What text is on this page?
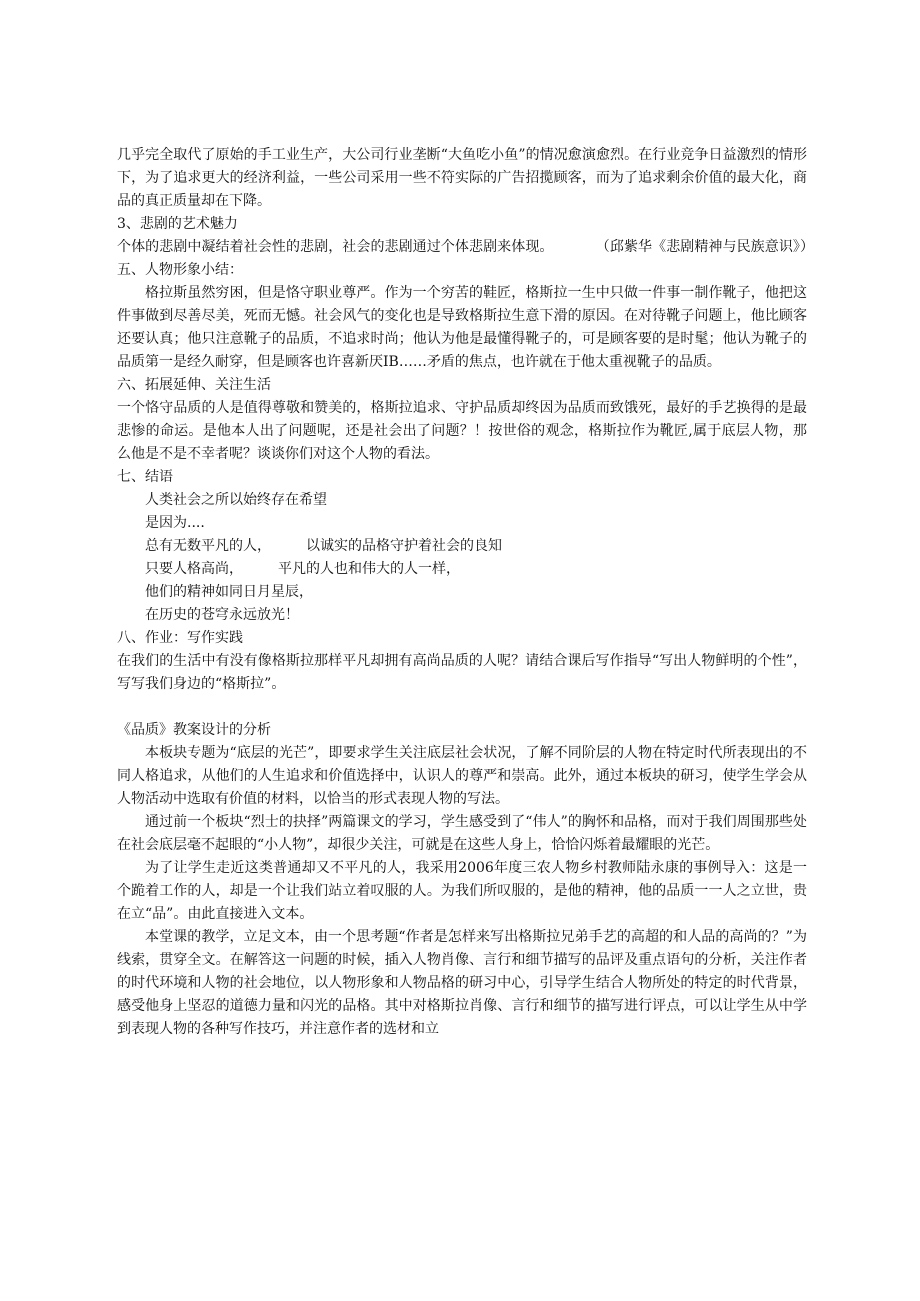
几乎完全取代了原始的手工业生产，大公司行业垄断“大鱼吃小鱼”的情况愈演愈烈。在行业竞争日益激烈的情形下，为了追求更大的经济利益，一些公司采用一些不符实际的广告招揽顾客，而为了追求剩余价值的最大化，商品的真正质量却在下降。

3、悲剧的艺术魅力

个体的悲剧中凝结着社会性的悲剧，社会的悲剧通过个体悲剧来体现。　　　　（邱紫华《悲剧精神与民族意识》）五、人物形象小结：

格拉斯虽然穷困，但是恪守职业尊严。作为一个穷苦的鞋匠，格斯拉一生中只做一件事一制作靴子，他把这件事做到尽善尽美，死而无憾。社会风气的变化也是导致格斯拉生意下滑的原因。在对待靴子问题上，他比顾客还要认真；他只注意靴子的品质，不追求时尚；他认为他是最懂得靴子的，可是顾客要的是时髦；他认为靴子的品质第一是经久耐穿，但是顾客也许喜新厌IB……矛盾的焦点，也许就在于他太重视靴子的品质。

六、拓展延伸、关注生活

一个恪守品质的人是值得尊敬和赞美的，格斯拉追求、守护品质却终因为品质而致饿死，最好的手艺换得的是最悲惨的命运。是他本人出了问题呢，还是社会出了问题？！按世俗的观念，格斯拉作为靴匠,属于底层人物，那么他是不是不幸者呢？谈谈你们对这个人物的看法。

七、结语

人类社会之所以始终存在希望

是因为....

总有无数平凡的人，　　　以诚实的品格守护着社会的良知

只要人格高尚，　　　平凡的人也和伟大的人一样，

他们的精神如同日月星辰，

在历史的苍穹永远放光！

八、作业：写作实践

在我们的生活中有没有像格斯拉那样平凡却拥有高尚品质的人呢？请结合课后写作指导“写出人物鲜明的个性”，写写我们身边的“格斯拉”。

《品质》教案设计的分析

本板块专题为“底层的光芒”，即要求学生关注底层社会状况，了解不同阶层的人物在特定时代所表现出的不同人格追求，从他们的人生追求和价值选择中，认识人的尊严和崇高。此外，通过本板块的研习，使学生学会从人物活动中选取有价值的材料，以恰当的形式表现人物的写法。

通过前一个板块“烈士的抉择”两篇课文的学习，学生感受到了“伟人”的胸怀和品格，而对于我们周围那些处在社会底层毫不起眼的“小人物”，却很少关注，可就是在这些人身上，恰恰闪烁着最耀眼的光芒。

为了让学生走近这类普通却又不平凡的人，我采用2006年度三农人物乡村教师陆永康的事例导入：这是一个跪着工作的人，却是一个让我们站立着叹服的人。为我们所叹服的，是他的精神，他的品质一一人之立世，贵在立“品”。由此直接进入文本。

本堂课的教学，立足文本，由一个思考题“作者是怎样来写出格斯拉兄弟手艺的高超的和人品的高尚的？”为线索，贯穿全文。在解答这一问题的时候，插入人物肖像、言行和细节描写的品评及重点语句的分析，关注作者的时代环境和人物的社会地位，以人物形象和人物品格的研习中心，引导学生结合人物所处的特定的时代背景，感受他身上坚忍的道德力量和闪光的品格。其中对格斯拉肖像、言行和细节的描写进行评点，可以让学生从中学到表现人物的各种写作技巧，并注意作者的选材和立
